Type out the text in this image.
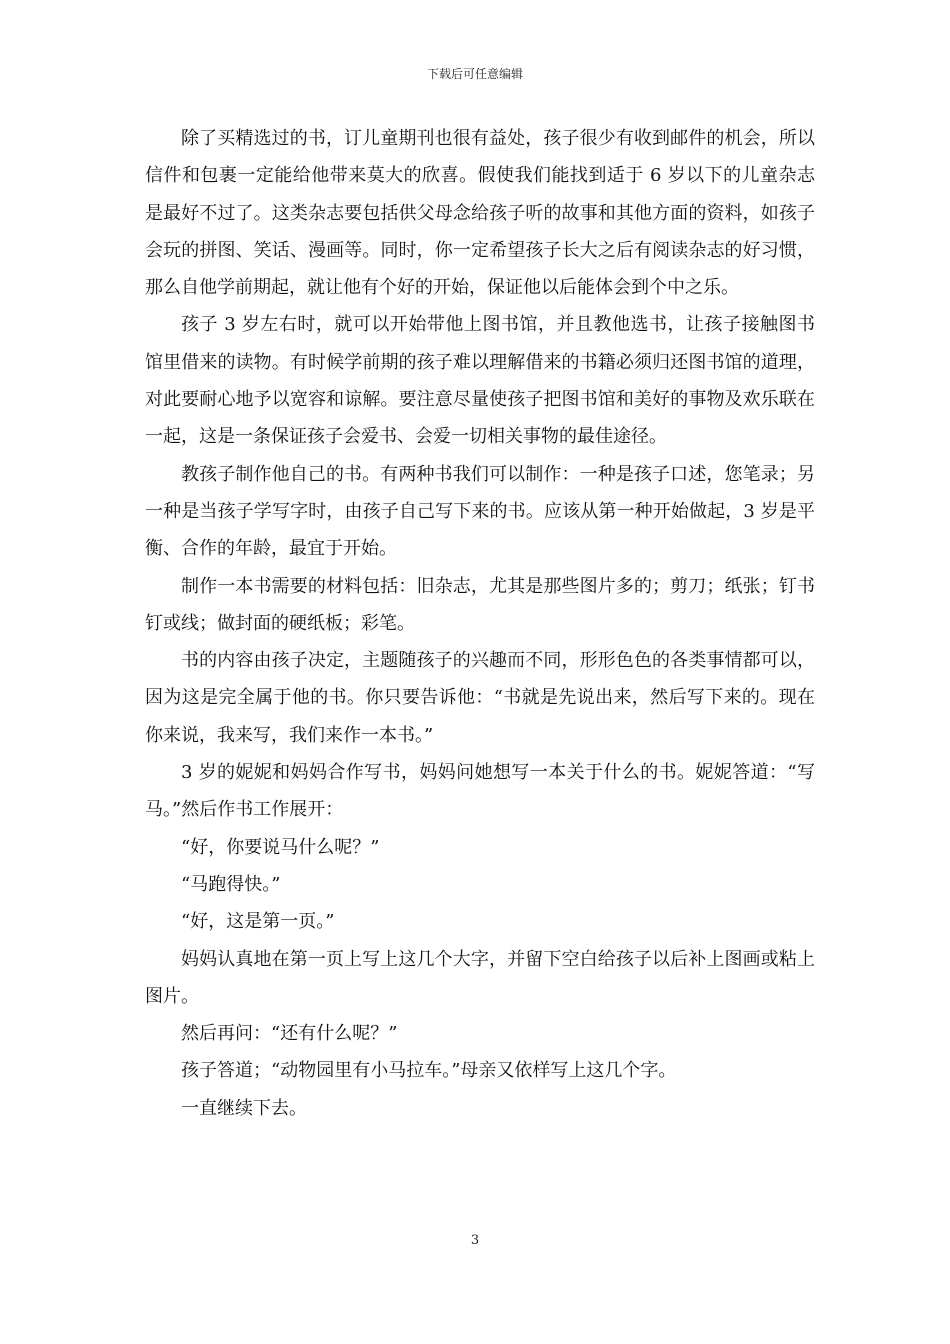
下载后可任意编辑

除了买精选过的书，订儿童期刊也很有益处，孩子很少有收到邮件的机会，所以信件和包裹一定能给他带来莫大的欣喜。假使我们能找到适于 6 岁以下的儿童杂志是最好不过了。这类杂志要包括供父母念给孩子听的故事和其他方面的资料，如孩子会玩的拼图、笑话、漫画等。同时，你一定希望孩子长大之后有阅读杂志的好习惯，那么自他学前期起，就让他有个好的开始，保证他以后能体会到个中之乐。

孩子 3 岁左右时，就可以开始带他上图书馆，并且教他选书，让孩子接触图书馆里借来的读物。有时候学前期的孩子难以理解借来的书籍必须归还图书馆的道理，对此要耐心地予以宽容和谅解。要注意尽量使孩子把图书馆和美好的事物及欢乐联在一起，这是一条保证孩子会爱书、会爱一切相关事物的最佳途径。

教孩子制作他自己的书。有两种书我们可以制作：一种是孩子口述，您笔录；另一种是当孩子学写字时，由孩子自己写下来的书。应该从第一种开始做起，3 岁是平衡、合作的年龄，最宜于开始。

制作一本书需要的材料包括：旧杂志，尤其是那些图片多的；剪刀；纸张；钉书钉或线；做封面的硬纸板；彩笔。

书的内容由孩子决定，主题随孩子的兴趣而不同，形形色色的各类事情都可以，因为这是完全属于他的书。你只要告诉他：“书就是先说出来，然后写下来的。现在你来说，我来写，我们来作一本书。”

3 岁的妮妮和妈妈合作写书，妈妈问她想写一本关于什么的书。妮妮答道：“写马。”然后作书工作展开：

“好，你要说马什么呢？”

“马跑得快。”

“好，这是第一页。”

妈妈认真地在第一页上写上这几个大字，并留下空白给孩子以后补上图画或粘上图片。

然后再问：“还有什么呢？”

孩子答道；“动物园里有小马拉车。”母亲又依样写上这几个字。

一直继续下去。

3
